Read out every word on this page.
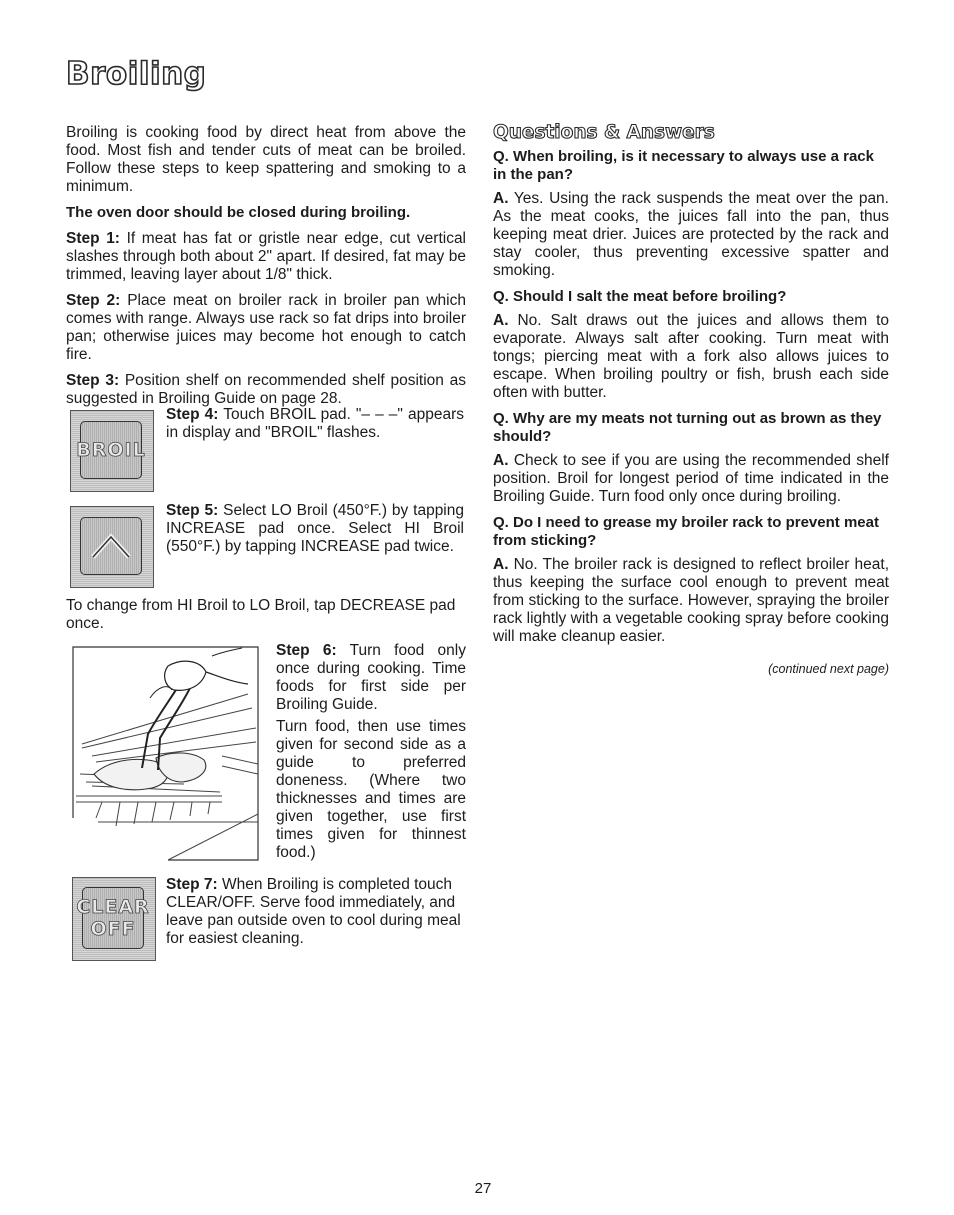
Broiling

Broiling is cooking food by direct heat from above the food. Most fish and tender cuts of meat can be broiled. Follow these steps to keep spattering and smoking to a minimum.

The oven door should be closed during broiling.

Step 1: If meat has fat or gristle near edge, cut vertical slashes through both about 2" apart. If desired, fat may be trimmed, leaving layer about 1/8" thick.

Step 2: Place meat on broiler rack in broiler pan which comes with range. Always use rack so fat drips into broiler pan; otherwise juices may become hot enough to catch fire.

Step 3: Position shelf on recommended shelf position as suggested in Broiling Guide on page 28.

BROIL

Step 4: Touch BROIL pad. "– – –" appears in display and "BROIL" flashes.

Step 5: Select LO Broil (450°F.) by tapping INCREASE pad once. Select HI Broil (550°F.) by tapping INCREASE pad twice.

To change from HI Broil to LO Broil, tap DECREASE pad once.

Step 6: Turn food only once during cooking. Time foods for first side per Broiling Guide.

Turn food, then use times given for second side as a guide to preferred doneness. (Where two thicknesses and times are given together, use first times given for thinnest food.)

CLEAR
OFF

Step 7: When Broiling is completed touch CLEAR/OFF. Serve food immediately, and leave pan outside oven to cool during meal for easiest cleaning.

Questions & Answers

Q. When broiling, is it necessary to always use a rack in the pan?

A. Yes. Using the rack suspends the meat over the pan. As the meat cooks, the juices fall into the pan, thus keeping meat drier. Juices are protected by the rack and stay cooler, thus preventing excessive spatter and smoking.

Q. Should I salt the meat before broiling?

A. No. Salt draws out the juices and allows them to evaporate. Always salt after cooking. Turn meat with tongs; piercing meat with a fork also allows juices to escape. When broiling poultry or fish, brush each side often with butter.

Q. Why are my meats not turning out as brown as they should?

A. Check to see if you are using the recommended shelf position. Broil for longest period of time indicated in the Broiling Guide. Turn food only once during broiling.

Q. Do I need to grease my broiler rack to prevent meat from sticking?

A. No. The broiler rack is designed to reflect broiler heat, thus keeping the surface cool enough to prevent meat from sticking to the surface. However, spraying the broiler rack lightly with a vegetable cooking spray before cooking will make cleanup easier.

(continued next page)

27
